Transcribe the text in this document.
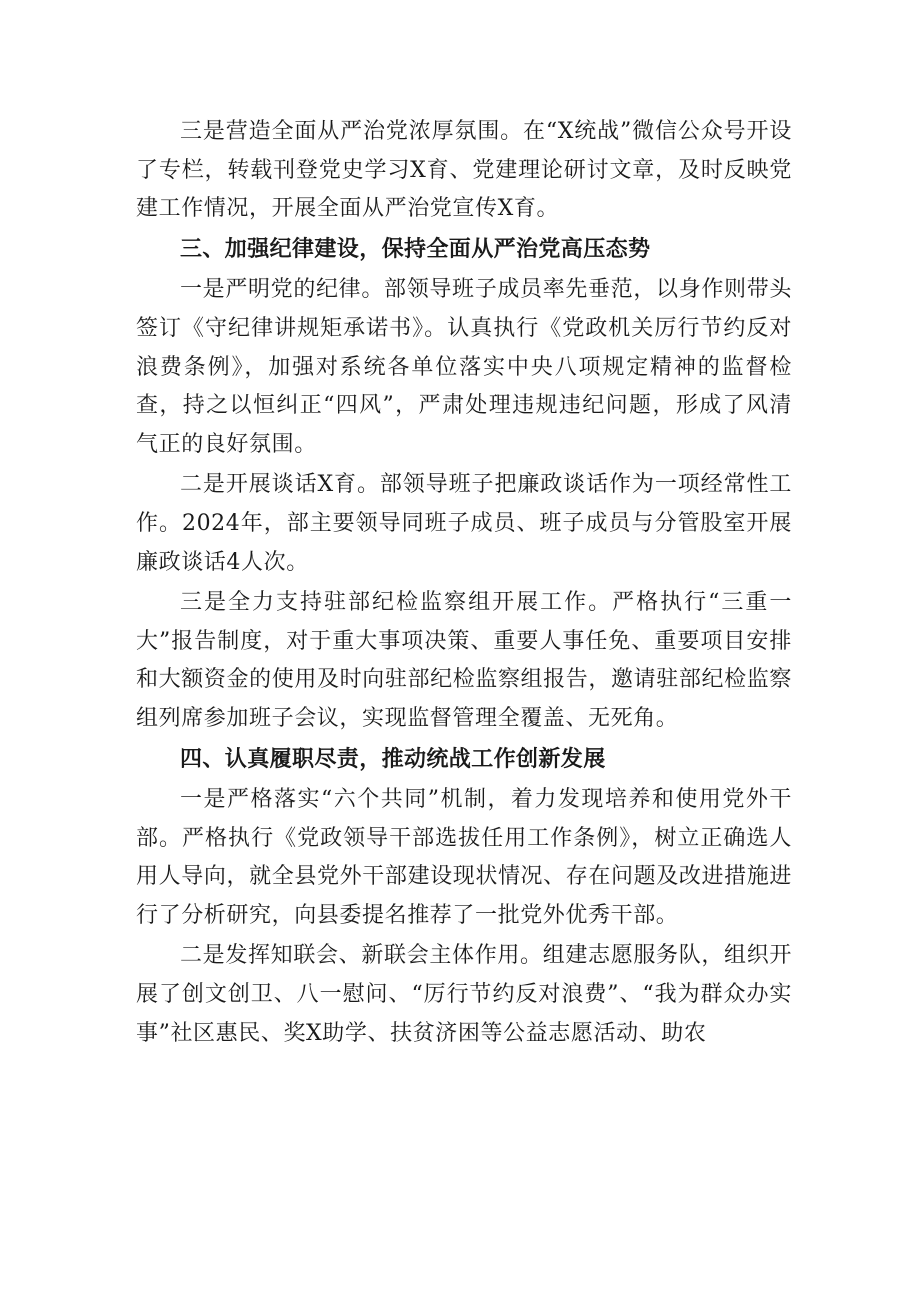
三是营造全面从严治党浓厚氛围。在“X统战”微信公众号开设了专栏，转载刊登党史学习X育、党建理论研讨文章，及时反映党建工作情况，开展全面从严治党宣传X育。

三、加强纪律建设，保持全面从严治党高压态势

一是严明党的纪律。部领导班子成员率先垂范，以身作则带头签订《守纪律讲规矩承诺书》。认真执行《党政机关厉行节约反对浪费条例》，加强对系统各单位落实中央八项规定精神的监督检查，持之以恒纠正“四风”，严肃处理违规违纪问题，形成了风清气正的良好氛围。

二是开展谈话X育。部领导班子把廉政谈话作为一项经常性工作。2024年，部主要领导同班子成员、班子成员与分管股室开展廉政谈话4人次。

三是全力支持驻部纪检监察组开展工作。严格执行“三重一大”报告制度，对于重大事项决策、重要人事任免、重要项目安排和大额资金的使用及时向驻部纪检监察组报告，邀请驻部纪检监察组列席参加班子会议，实现监督管理全覆盖、无死角。

四、认真履职尽责，推动统战工作创新发展

一是严格落实“六个共同”机制，着力发现培养和使用党外干部。严格执行《党政领导干部选拔任用工作条例》，树立正确选人用人导向，就全县党外干部建设现状情况、存在问题及改进措施进行了分析研究，向县委提名推荐了一批党外优秀干部。

二是发挥知联会、新联会主体作用。组建志愿服务队，组织开展了创文创卫、八一慰问、“厉行节约反对浪费”、“我为群众办实事”社区惠民、奖X助学、扶贫济困等公益志愿活动、助农
